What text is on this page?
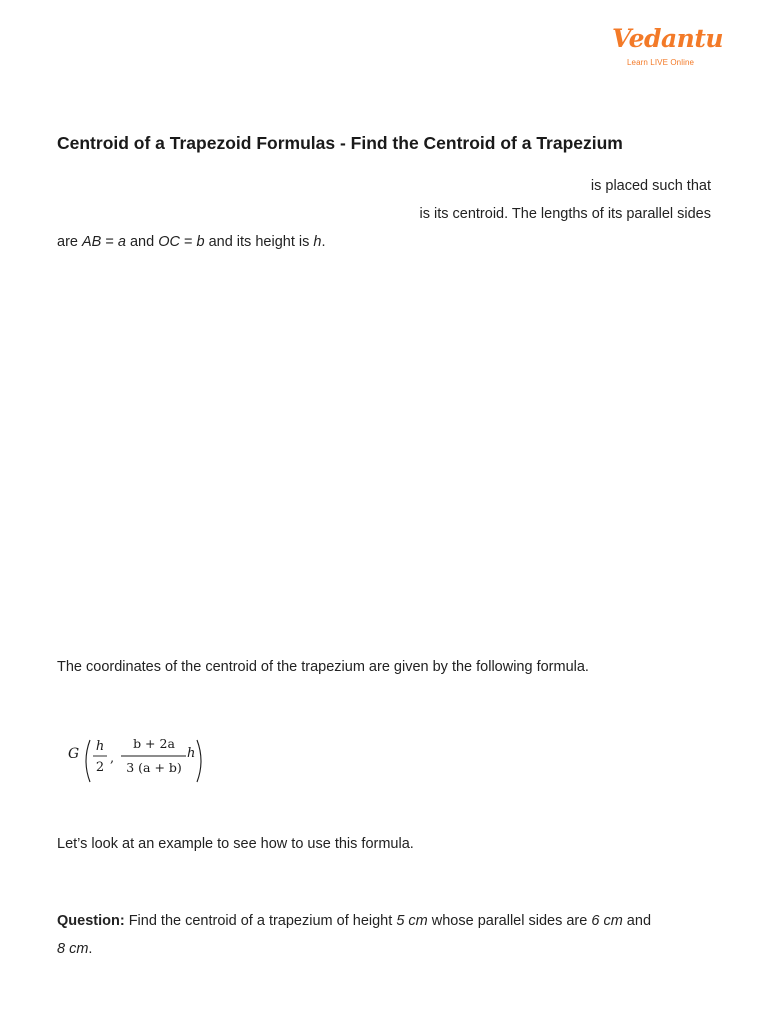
Vedantu
Learn LIVE Online
Centroid of a Trapezoid Formulas - Find the Centroid of a Trapezium

is placed such that

is its centroid. The lengths of its parallel sides

are AB = a and OC = b and its height is h.

The coordinates of the centroid of the trapezium are given by the following formula.

G h
2
,
b + 2a
3 (a + b)
h

Let’s look at an example to see how to use this formula.

Question: Find the centroid of a trapezium of height 5 cm whose parallel sides are 6 cm and

8 cm.
